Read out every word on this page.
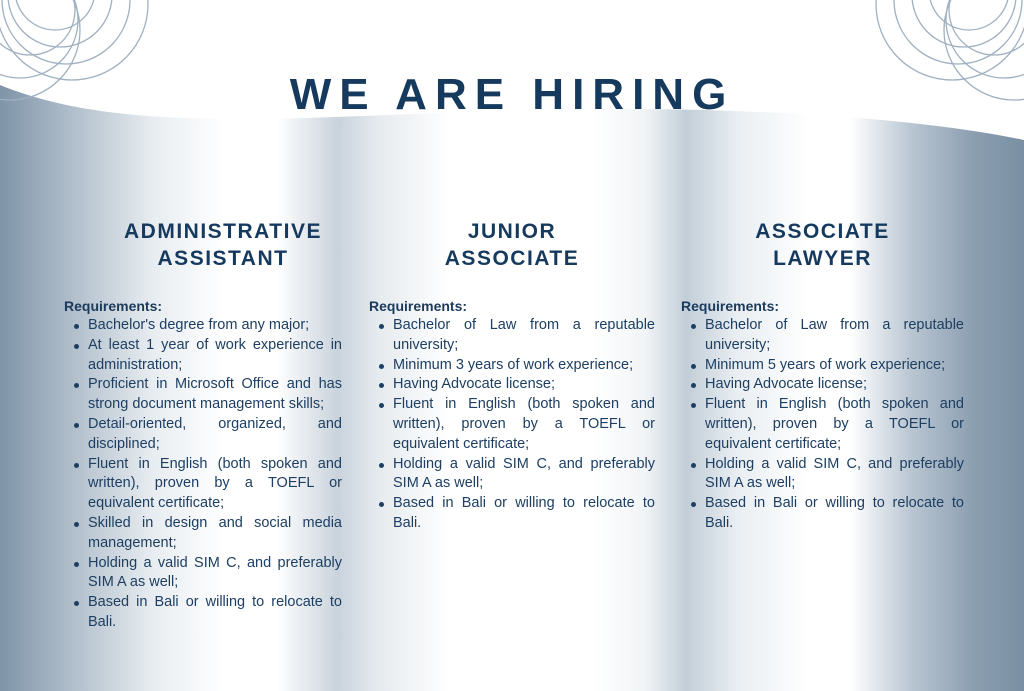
WE ARE HIRING
ADMINISTRATIVE
ASSISTANT
Requirements:
Bachelor's degree from any major;
At least 1 year of work experience in administration;
Proficient in Microsoft Office and has strong document management skills;
Detail-oriented, organized, and disciplined;
Fluent in English (both spoken and written), proven by a TOEFL or equivalent certificate;
Skilled in design and social media management;
Holding a valid SIM C, and preferably SIM A as well;
Based in Bali or willing to relocate to Bali.
JUNIOR
ASSOCIATE
Requirements:
Bachelor of Law from a reputable university;
Minimum 3 years of work experience;
Having Advocate license;
Fluent in English (both spoken and written), proven by a TOEFL or equivalent certificate;
Holding a valid SIM C, and preferably SIM A as well;
Based in Bali or willing to relocate to Bali.
ASSOCIATE
LAWYER
Requirements:
Bachelor of Law from a reputable university;
Minimum 5 years of work experience;
Having Advocate license;
Fluent in English (both spoken and written), proven by a TOEFL or equivalent certificate;
Holding a valid SIM C, and preferably SIM A as well;
Based in Bali or willing to relocate to Bali.
